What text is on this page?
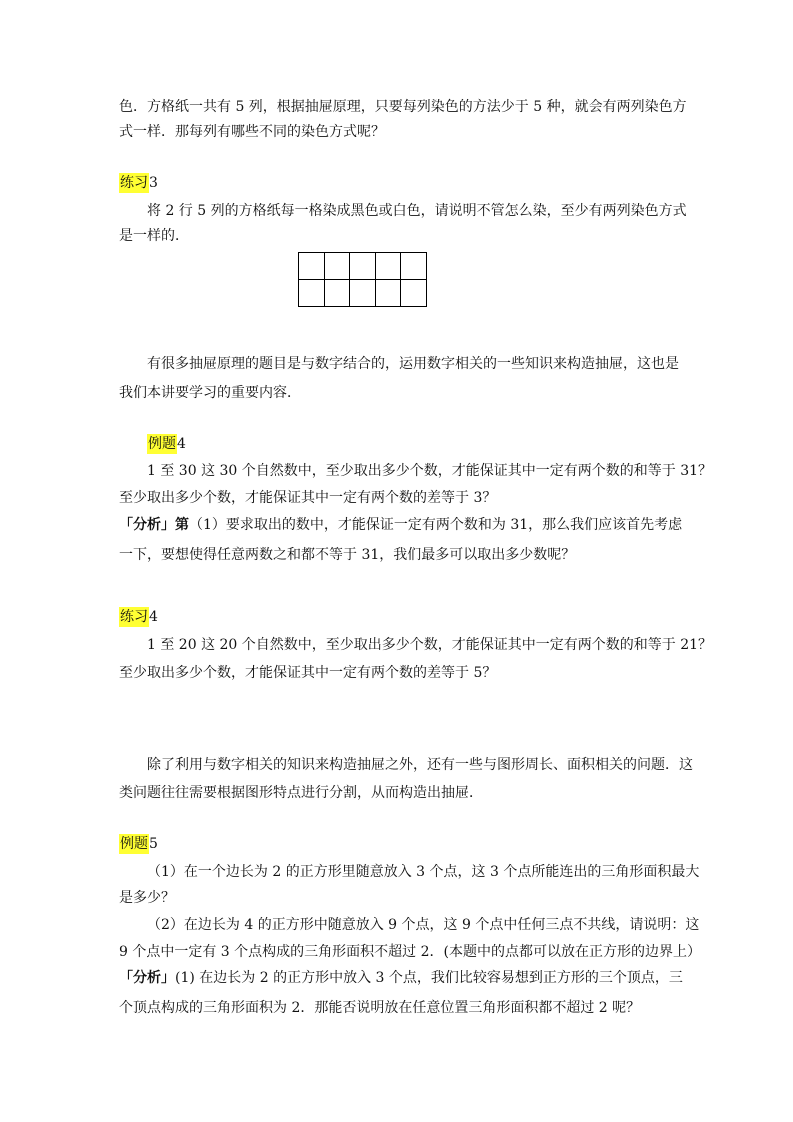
色．方格纸一共有 5 列，根据抽屉原理，只要每列染色的方法少于 5 种，就会有两列染色方
式一样．那每列有哪些不同的染色方式呢？
练习3
将 2 行 5 列的方格纸每一格染成黑色或白色，请说明不管怎么染，至少有两列染色方式
是一样的．
有很多抽屉原理的题目是与数字结合的，运用数字相关的一些知识来构造抽屉，这也是
我们本讲要学习的重要内容．
例题4
1 至 30 这 30 个自然数中，至少取出多少个数，才能保证其中一定有两个数的和等于 31？
至少取出多少个数，才能保证其中一定有两个数的差等于 3？
「分析」第（1）要求取出的数中，才能保证一定有两个数和为 31，那么我们应该首先考虑
一下，要想使得任意两数之和都不等于 31，我们最多可以取出多少数呢？
练习4
1 至 20 这 20 个自然数中，至少取出多少个数，才能保证其中一定有两个数的和等于 21？
至少取出多少个数，才能保证其中一定有两个数的差等于 5？
除了利用与数字相关的知识来构造抽屉之外，还有一些与图形周长、面积相关的问题．这
类问题往往需要根据图形特点进行分割，从而构造出抽屉．
例题5
（1）在一个边长为 2 的正方形里随意放入 3 个点，这 3 个点所能连出的三角形面积最大
是多少？
（2）在边长为 4 的正方形中随意放入 9 个点，这 9 个点中任何三点不共线，请说明：这
9 个点中一定有 3 个点构成的三角形面积不超过 2．(本题中的点都可以放在正方形的边界上）
「分析」(1) 在边长为 2 的正方形中放入 3 个点，我们比较容易想到正方形的三个顶点，三
个顶点构成的三角形面积为 2．那能否说明放在任意位置三角形面积都不超过 2 呢？
